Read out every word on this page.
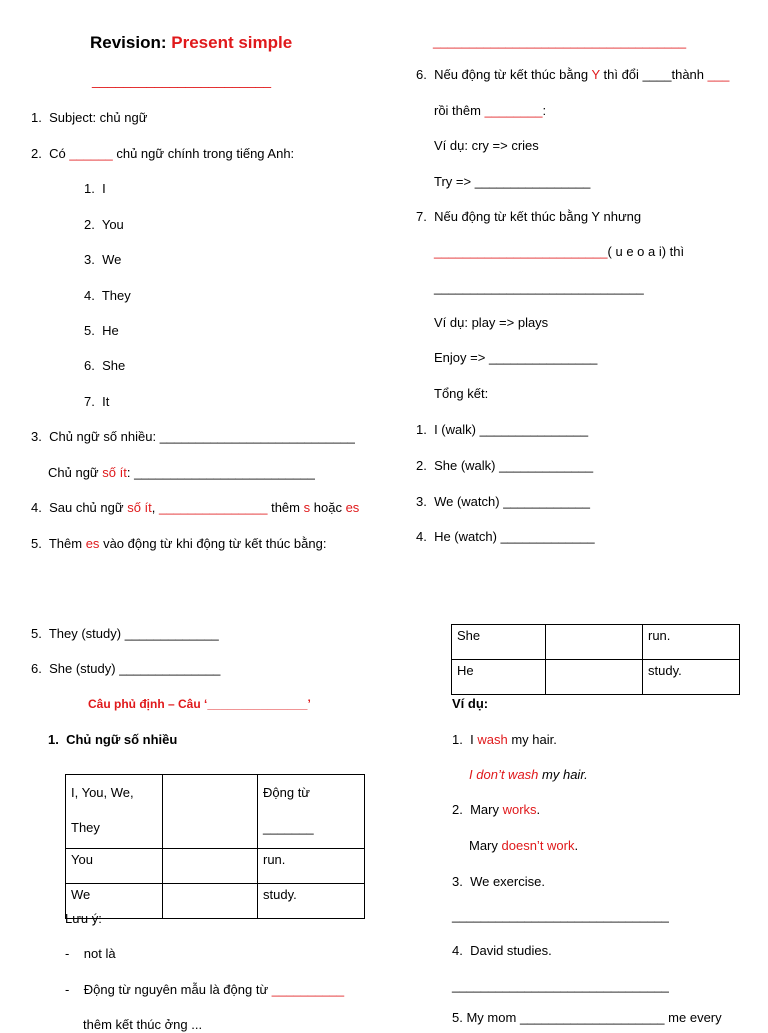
Revision: Present simple
_______________________
1. Subject: chủ ngữ
2. Có ______ chủ ngữ chính trong tiếng Anh:
1. I
2. You
3. We
4. They
5. He
6. She
7. It
3. Chủ ngữ số nhiều: ___________________________
Chủ ngữ số ít: _________________________
4. Sau chủ ngữ số ít, _______________ thêm s hoặc es
5. Thêm es vào động từ khi động từ kết thúc bằng:
5. They (study) _____________
6. She (study) ______________
Câu phủ định – Câu ‘_______________’
1. Chủ ngữ số nhiều
I, You, We,
They		Động từ
_______
You		run.
We		study.
Lưu ý:
- not là
- Động từ nguyên mẫu là động từ __________
thêm kết thúc ởng ...
___________________________________
6. Nếu động từ kết thúc bằng Y thì đổi ____thành ___
rồi thêm ________:
Ví dụ: cry => cries
Try => ________________
7. Nếu động từ kết thúc bằng Y nhưng
________________________( u e o a i) thì
_____________________________
Ví dụ: play => plays
Enjoy => _______________
Tổng kết:
1. I (walk) _______________
2. She (walk) _____________
3. We (watch) ____________
4. He (watch) _____________
She		run.
He		study.
Ví dụ:
1. I wash my hair.
I don’t wash my hair.
2. Mary works.
Mary doesn’t work.
3. We exercise.
______________________________
4. David studies.
______________________________
5. My mom ____________________ me every
